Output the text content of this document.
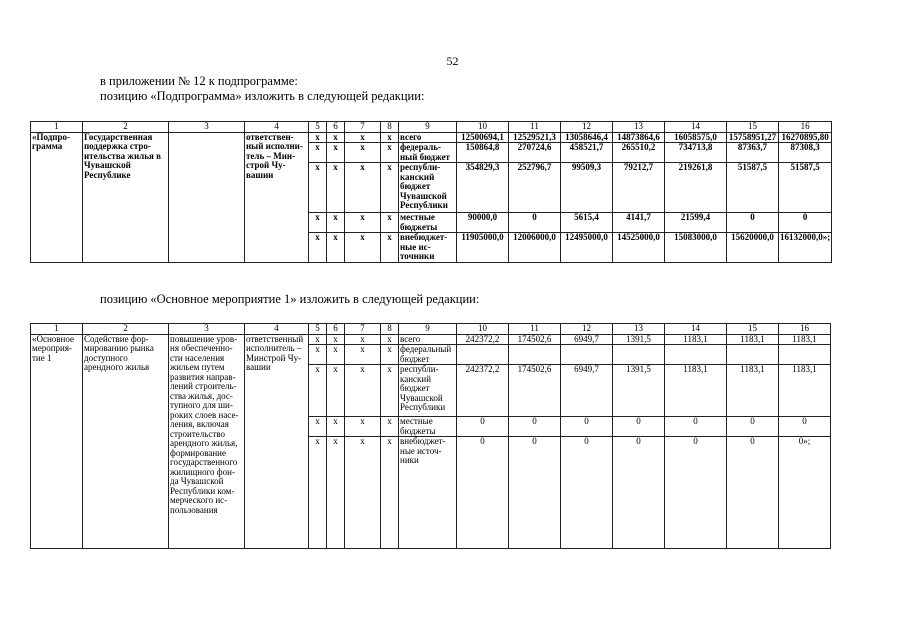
52
в приложении № 12 к подпрограмме:
позицию «Подпрограмма» изложить в следующей редакции:
позицию «Основное мероприятие 1» изложить в следующей редакции:
1	2	3	4	5	6	7	8	9	10	11	12	13	14	15	16
«Подпро-грамма	Государственная поддержка стро-ительства жилья в Чувашской Республике		ответствен-ный исполни-тель – Мин-строй Чу-вашии	x	x	x	x	всего	12500694,1	12529521,3	13058646,4	14873864,6	16058575,0	15758951,27	16270895,80
				x	x	x	x	федераль-ный бюджет	150864,8	270724,6	458521,7	265510,2	734713,8	87363,7	87308,3
				x	x	x	x	республи-канский бюджет Чувашской Республики	354829,3	252796,7	99509,3	79212,7	219261,8	51587,5	51587,5
				x	x	x	x	местные бюджеты	90000,0	0	5615,4	4141,7	21599,4	0	0
				x	x	x	x	внебюджет-ные ис-точники	11905000,0	12006000,0	12495000,0	14525000,0	15083000,0	15620000,0	16132000,0»;
1	2	3	4	5	6	7	8	9	10	11	12	13	14	15	16
«Основное мероприя-тие 1	Содействие фор-мированию рынка доступного арендного жилья	повышение уров-ня обеспеченно-сти населения жильем путем развития направ-лений строитель-ства жилья, дос-тупного для ши-роких слоев насе-ления, включая строительство арендного жилья, формирование государственного жилищного фон-да Чувашской Республики ком-мерческого ис-пользования	ответственный исполнитель – Минстрой Чу-вашии	x	x	x	x	всего	242372,2	174502,6	6949,7	1391,5	1183,1	1183,1	1183,1
				x	x	x	x	федеральный бюджет							
				x	x	x	x	республи-канский бюджет Чувашской Республики	242372,2	174502,6	6949,7	1391,5	1183,1	1183,1	1183,1
				x	x	x	x	местные бюджеты	0	0	0	0	0	0	0
				x	x	x	x	внебюджет-ные источ-ники	0	0	0	0	0	0	0»;
